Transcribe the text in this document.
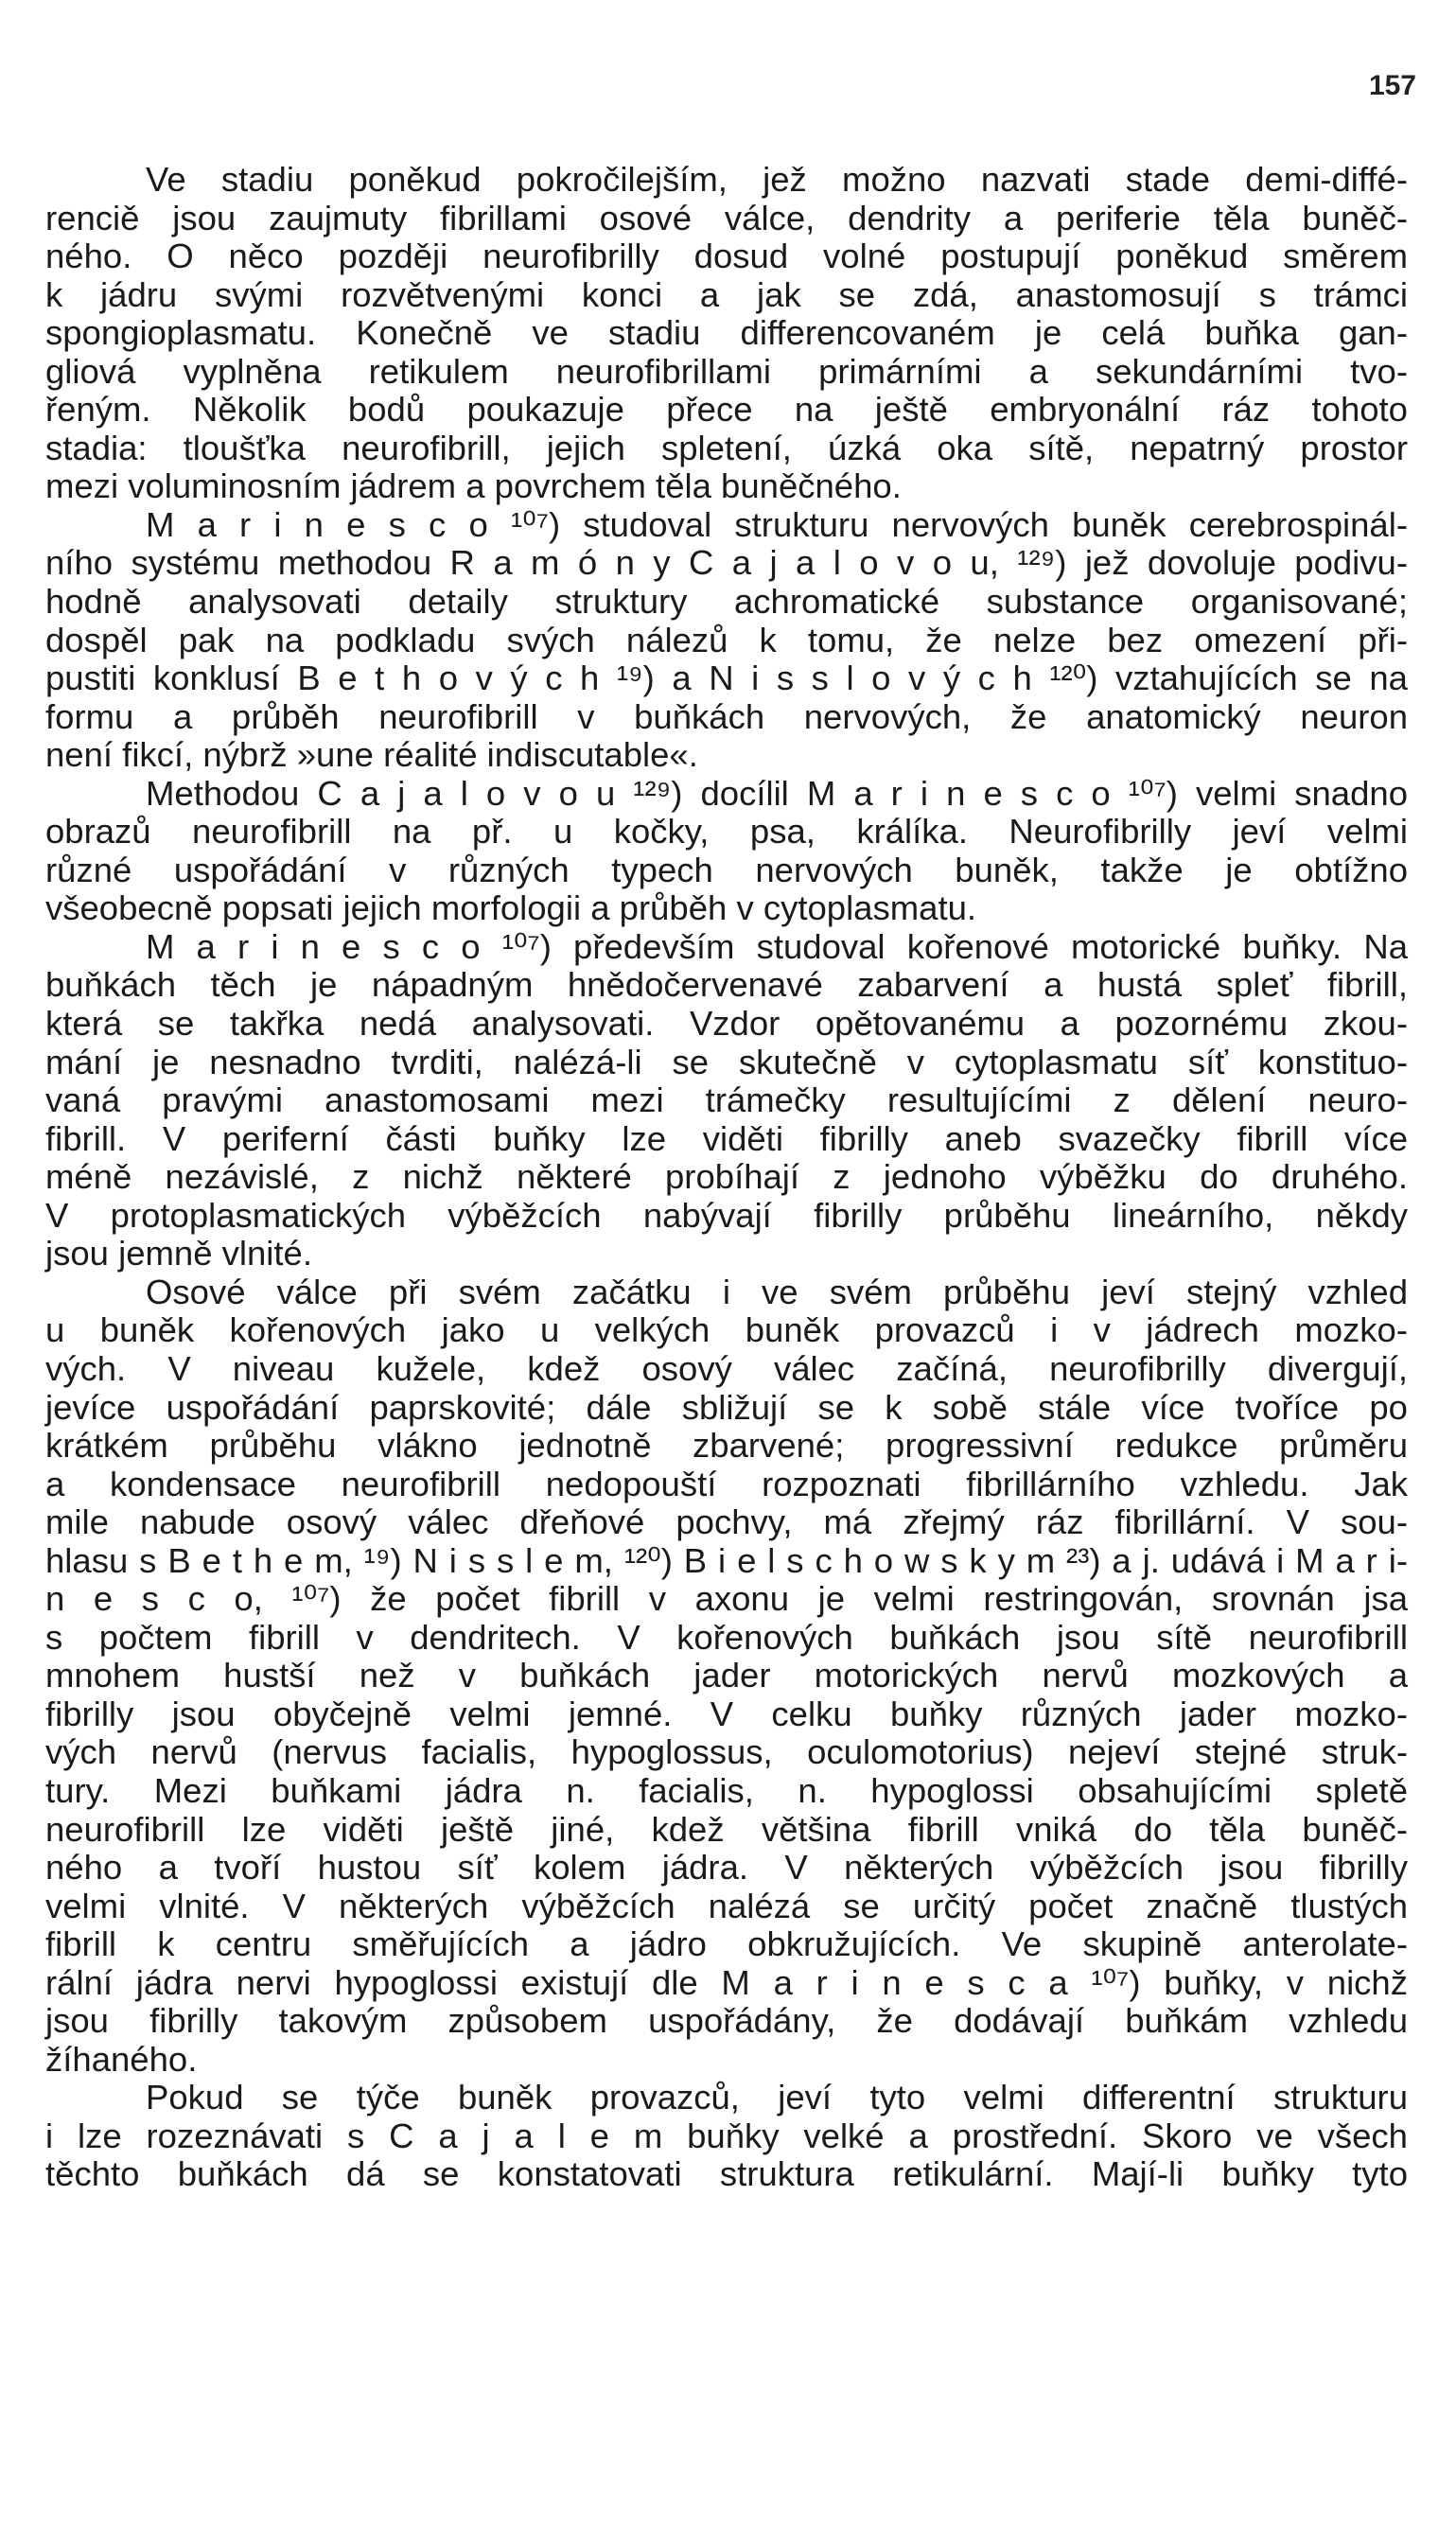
157
Ve stadiu poněkud pokročilejším, jež možno nazvati stade demi-diffé-
renciě jsou zaujmuty fibrillami osové válce, dendrity a periferie těla buněč-
ného. O něco později neurofibrilly dosud volné postupují poněkud směrem
k jádru svými rozvětvenými konci a jak se zdá, anastomosují s trámci
spongioplasmatu. Konečně ve stadiu differencovaném je celá buňka gan-
gliová vyplněna retikulem neurofibrillami primárními a sekundárními tvo-
řeným. Několik bodů poukazuje přece na ještě embryonální ráz tohoto
stadia: tloušťka neurofibrill, jejich spletení, úzká oka sítě, nepatrný prostor
mezi voluminosním jádrem a povrchem těla buněčného.
M a r i n e s c o ¹⁰⁷) studoval strukturu nervových buněk cerebrospinál-
ního systému methodou R a m ó n y C a j a l o v o u, ¹²⁹) jež dovoluje podivu-
hodně analysovati detaily struktury achromatické substance organisované;
dospěl pak na podkladu svých nálezů k tomu, že nelze bez omezení při-
pustiti konklusí B e t h o v ý c h ¹⁹) a N i s s l o v ý c h ¹²⁰) vztahujících se na
formu a průběh neurofibrill v buňkách nervových, že anatomický neuron
není fikcí, nýbrž »une réalité indiscutable«.
Methodou C a j a l o v o u ¹²⁹) docílil M a r i n e s c o ¹⁰⁷) velmi snadno
obrazů neurofibrill na př. u kočky, psa, králíka. Neurofibrilly jeví velmi
různé uspořádání v různých typech nervových buněk, takže je obtížno
všeobecně popsati jejich morfologii a průběh v cytoplasmatu.
M a r i n e s c o ¹⁰⁷) především studoval kořenové motorické buňky. Na
buňkách těch je nápadným hnědočervenavé zabarvení a hustá spleť fibrill,
která se takřka nedá analysovati. Vzdor opětovanému a pozornému zkou-
mání je nesnadno tvrditi, nalézá-li se skutečně v cytoplasmatu síť konstituo-
vaná pravými anastomosami mezi trámečky resultujícími z dělení neuro-
fibrill. V periferní části buňky lze viděti fibrilly aneb svazečky fibrill více
méně nezávislé, z nichž některé probíhají z jednoho výběžku do druhého.
V protoplasmatických výběžcích nabývají fibrilly průběhu lineárního, někdy
jsou jemně vlnité.
Osové válce při svém začátku i ve svém průběhu jeví stejný vzhled
u buněk kořenových jako u velkých buněk provazců i v jádrech mozko-
vých. V niveau kužele, kdež osový válec začíná, neurofibrilly divergují,
jevíce uspořádání paprskovité; dále sbližují se k sobě stále více tvoříce po
krátkém průběhu vlákno jednotně zbarvené; progressivní redukce průměru
a kondensace neurofibrill nedopouští rozpoznati fibrillárního vzhledu. Jak
mile nabude osový válec dřeňové pochvy, má zřejmý ráz fibrillární. V sou-
hlasu s B e t h e m, ¹⁹) N i s s l e m, ¹²⁰) B i e l s c h o w s k y m ²³) a j. udává i M a r i-
n e s c o, ¹⁰⁷) že počet fibrill v axonu je velmi restringován, srovnán jsa
s počtem fibrill v dendritech. V kořenových buňkách jsou sítě neurofibrill
mnohem hustší než v buňkách jader motorických nervů mozkových a
fibrilly jsou obyčejně velmi jemné. V celku buňky různých jader mozko-
vých nervů (nervus facialis, hypoglossus, oculomotorius) nejeví stejné struk-
tury. Mezi buňkami jádra n. facialis, n. hypoglossi obsahujícími spletě
neurofibrill lze viděti ještě jiné, kdež většina fibrill vniká do těla buněč-
ného a tvoří hustou síť kolem jádra. V některých výběžcích jsou fibrilly
velmi vlnité. V některých výběžcích nalézá se určitý počet značně tlustých
fibrill k centru směřujících a jádro obkružujících. Ve skupině anterolate-
rální jádra nervi hypoglossi existují dle M a r i n e s c a ¹⁰⁷) buňky, v nichž
jsou fibrilly takovým způsobem uspořádány, že dodávají buňkám vzhledu
žíhaného.
Pokud se týče buněk provazců, jeví tyto velmi differentní strukturu
i lze rozeznávati s C a j a l e m buňky velké a prostřední. Skoro ve všech
těchto buňkách dá se konstatovati struktura retikulární. Mají-li buňky tyto
